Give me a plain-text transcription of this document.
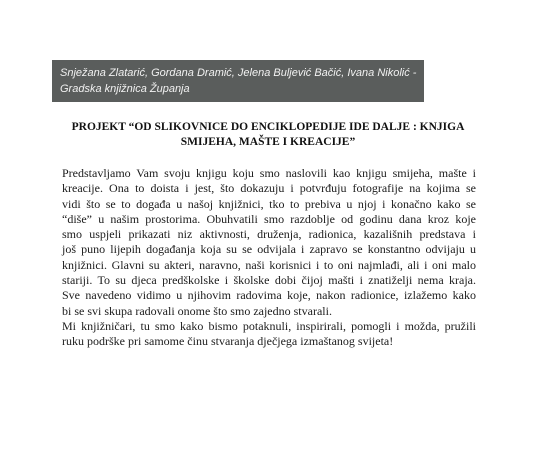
Snježana Zlatarić, Gordana Dramić, Jelena Buljević Bačić, Ivana Nikolić -

Gradska knjižnica Županja

PROJEKT “OD SLIKOVNICE DO ENCIKLOPEDIJE IDE DALJE : KNJIGA
SMIJEHA, MAŠTE I KREACIJE”
Predstavljamo Vam svoju knjigu koju smo naslovili kao knjigu smijeha, mašte i
kreacije. Ona to doista i jest, što dokazuju i potvrđuju fotografije na kojima se
vidi što se to događa u našoj knjižnici, tko to prebiva u njoj i konačno kako se
“diše” u našim prostorima. Obuhvatili smo razdoblje od godinu dana kroz koje
smo uspjeli prikazati niz aktivnosti, druženja, radionica, kazališnih predstava i
još puno lijepih događanja koja su se odvijala i zapravo se konstantno odvijaju u
knjižnici. Glavni su akteri, naravno, naši korisnici i to oni najmlađi, ali i oni malo
stariji. To su djeca predškolske i školske dobi čijoj mašti i znatiželji nema kraja.
Sve navedeno vidimo u njihovim radovima koje, nakon radionice, izlažemo kako
bi se svi skupa radovali onome što smo zajedno stvarali.
Mi knjižničari, tu smo kako bismo potaknuli, inspirirali, pomogli i možda, pružili
ruku podrške pri samome činu stvaranja dječjega izmaštanog svijeta!
